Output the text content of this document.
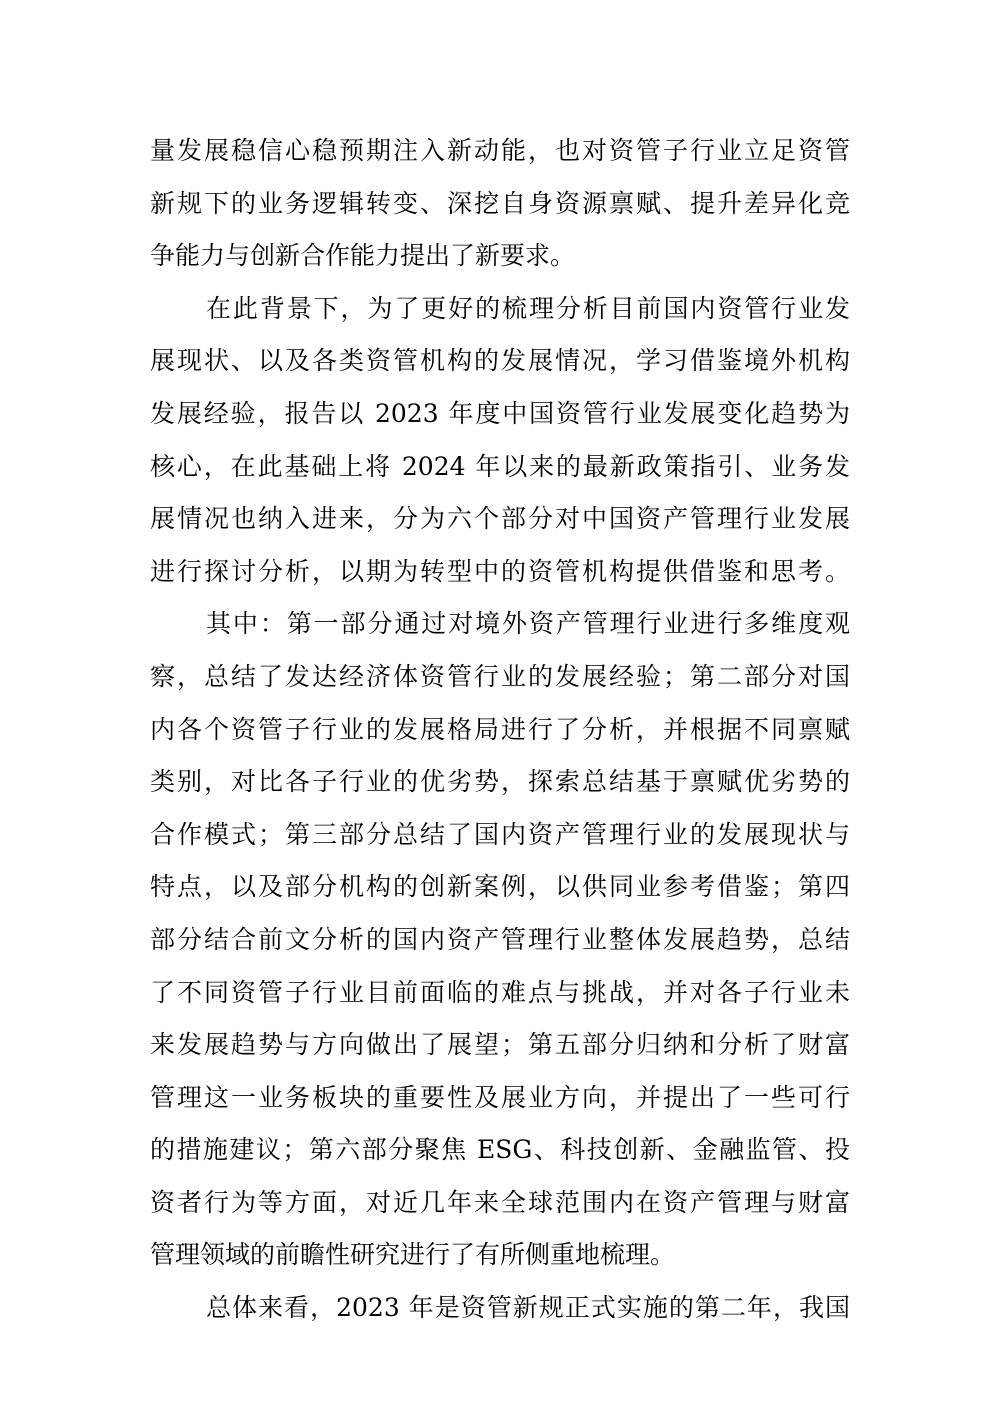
量发展稳信心稳预期注入新动能，也对资管子行业立足资管
新规下的业务逻辑转变、深挖自身资源禀赋、提升差异化竞
争能力与创新合作能力提出了新要求。
在此背景下，为了更好的梳理分析目前国内资管行业发
展现状、以及各类资管机构的发展情况，学习借鉴境外机构
发展经验，报告以 2023 年度中国资管行业发展变化趋势为
核心，在此基础上将 2024 年以来的最新政策指引、业务发
展情况也纳入进来，分为六个部分对中国资产管理行业发展
进行探讨分析，以期为转型中的资管机构提供借鉴和思考。
其中：第一部分通过对境外资产管理行业进行多维度观
察，总结了发达经济体资管行业的发展经验；第二部分对国
内各个资管子行业的发展格局进行了分析，并根据不同禀赋
类别，对比各子行业的优劣势，探索总结基于禀赋优劣势的
合作模式；第三部分总结了国内资产管理行业的发展现状与
特点，以及部分机构的创新案例，以供同业参考借鉴；第四
部分结合前文分析的国内资产管理行业整体发展趋势，总结
了不同资管子行业目前面临的难点与挑战，并对各子行业未
来发展趋势与方向做出了展望；第五部分归纳和分析了财富
管理这一业务板块的重要性及展业方向，并提出了一些可行
的措施建议；第六部分聚焦 ESG、科技创新、金融监管、投
资者行为等方面，对近几年来全球范围内在资产管理与财富
管理领域的前瞻性研究进行了有所侧重地梳理。
总体来看，2023 年是资管新规正式实施的第二年，我国
